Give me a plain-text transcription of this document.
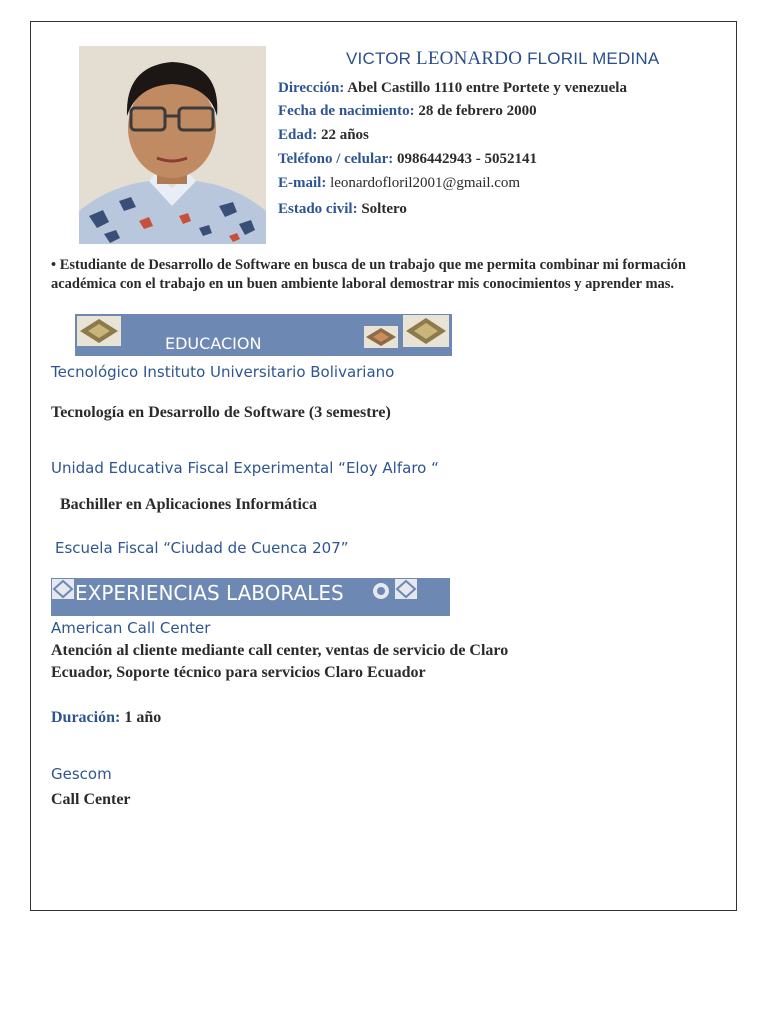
VICTOR LEONARDO FLORIL MEDINA
Dirección: Abel Castillo 1110 entre Portete y venezuela
Fecha de nacimiento: 28 de febrero 2000
Edad: 22 años
Teléfono / celular: 0986442943 - 5052141
E-mail: leonardofloril2001@gmail.com
Estado civil: Soltero
• Estudiante de Desarrollo de Software en busca de un trabajo que me permita combinar mi formación académica con el trabajo en un buen ambiente laboral demostrar mis conocimientos y aprender mas.
EDUCACION
Tecnológico Instituto Universitario Bolivariano
Tecnología en Desarrollo de Software (3 semestre)
Unidad Educativa Fiscal Experimental “Eloy Alfaro “
Bachiller en Aplicaciones Informática
Escuela Fiscal “Ciudad de Cuenca 207”
EXPERIENCIAS LABORALES
American Call Center
Atención al cliente mediante call center, ventas de servicio de Claro
Ecuador, Soporte técnico para servicios Claro Ecuador
Duración: 1 año
Gescom
Call Center
